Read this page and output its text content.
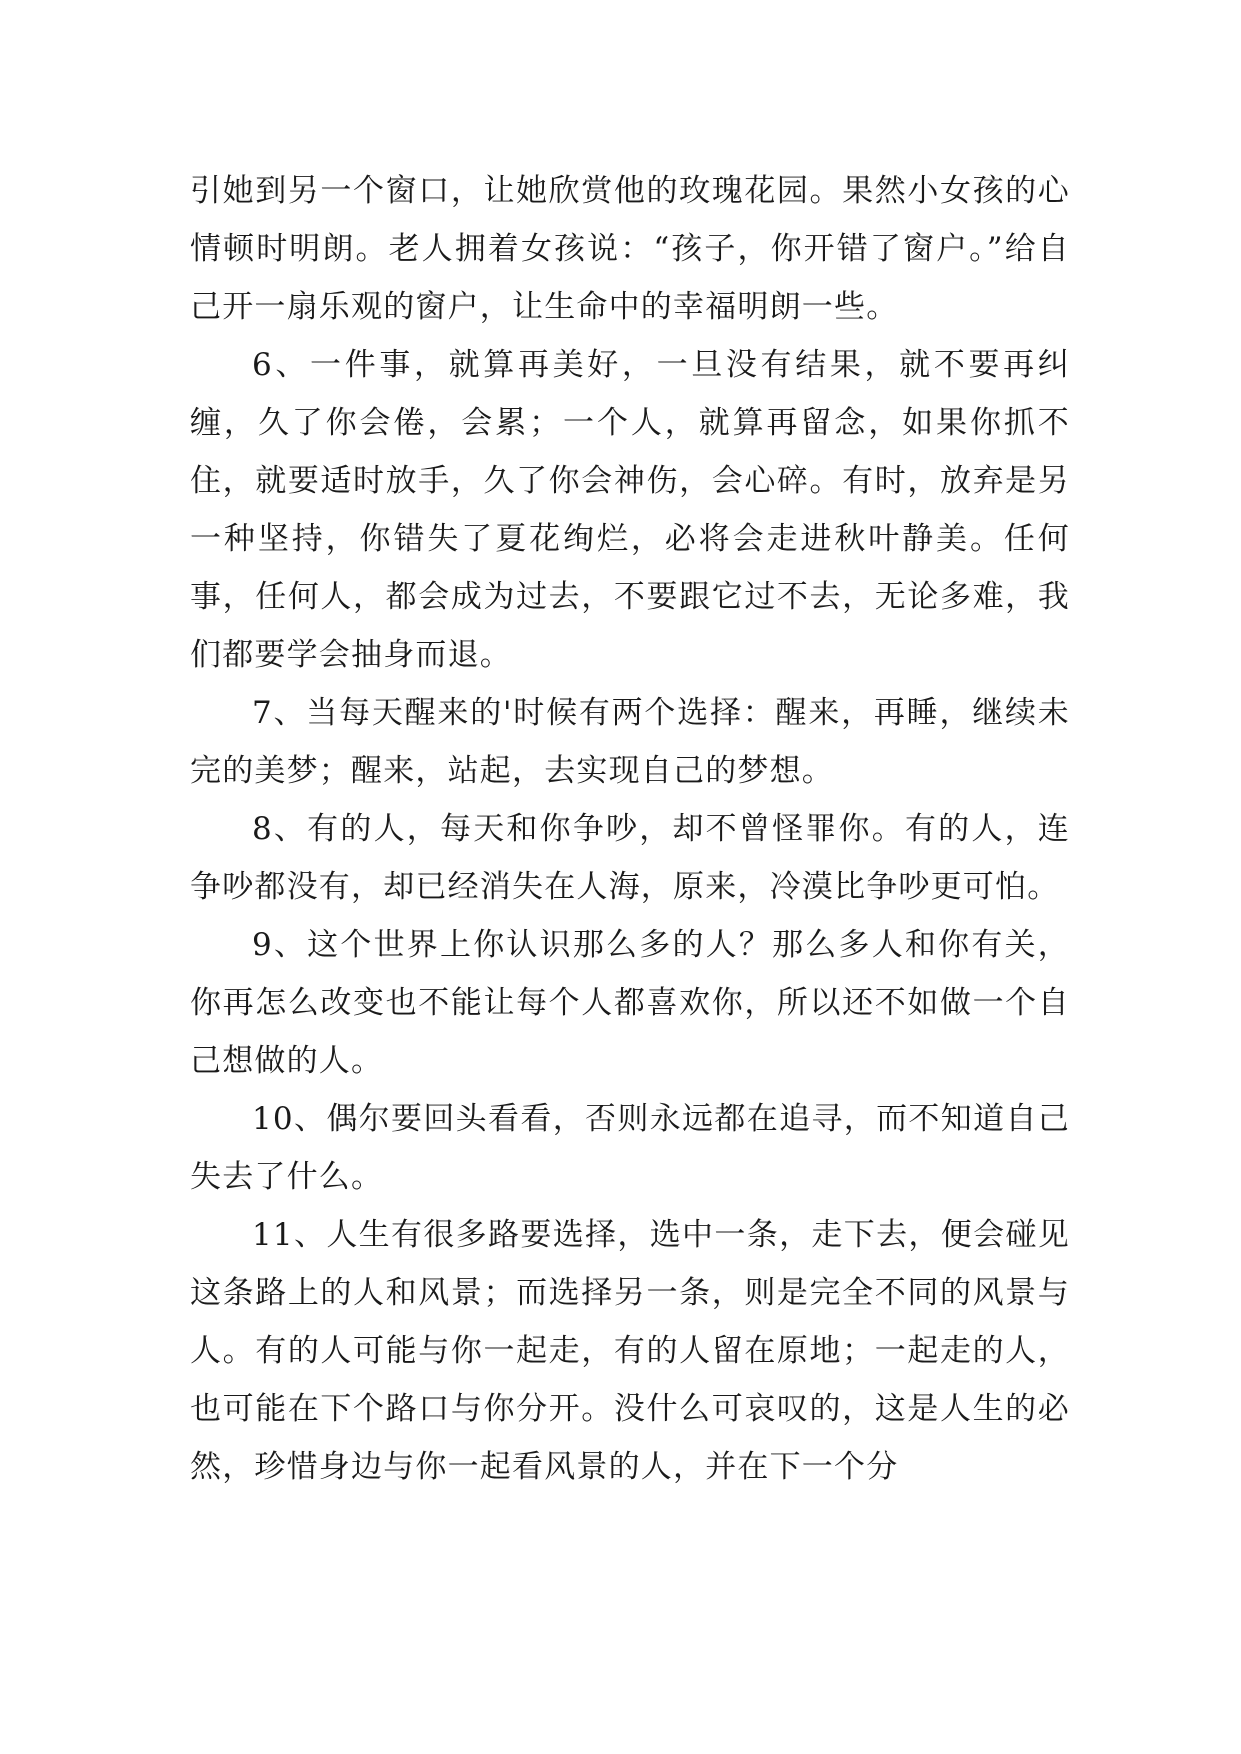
引她到另一个窗口，让她欣赏他的玫瑰花园。果然小女孩的心情顿时明朗。老人拥着女孩说：“孩子，你开错了窗户。”给自己开一扇乐观的窗户，让生命中的幸福明朗一些。

6、一件事，就算再美好，一旦没有结果，就不要再纠缠，久了你会倦，会累；一个人，就算再留念，如果你抓不住，就要适时放手，久了你会神伤，会心碎。有时，放弃是另一种坚持，你错失了夏花绚烂，必将会走进秋叶静美。任何事，任何人，都会成为过去，不要跟它过不去，无论多难，我们都要学会抽身而退。

7、当每天醒来的'时候有两个选择：醒来，再睡，继续未完的美梦；醒来，站起，去实现自己的梦想。

8、有的人，每天和你争吵，却不曾怪罪你。有的人，连争吵都没有，却已经消失在人海，原来，冷漠比争吵更可怕。

9、这个世界上你认识那么多的人？那么多人和你有关，你再怎么改变也不能让每个人都喜欢你，所以还不如做一个自己想做的人。

10、偶尔要回头看看，否则永远都在追寻，而不知道自己失去了什么。

11、人生有很多路要选择，选中一条，走下去，便会碰见这条路上的人和风景；而选择另一条，则是完全不同的风景与人。有的人可能与你一起走，有的人留在原地；一起走的人，也可能在下个路口与你分开。没什么可哀叹的，这是人生的必然，珍惜身边与你一起看风景的人，并在下一个分
